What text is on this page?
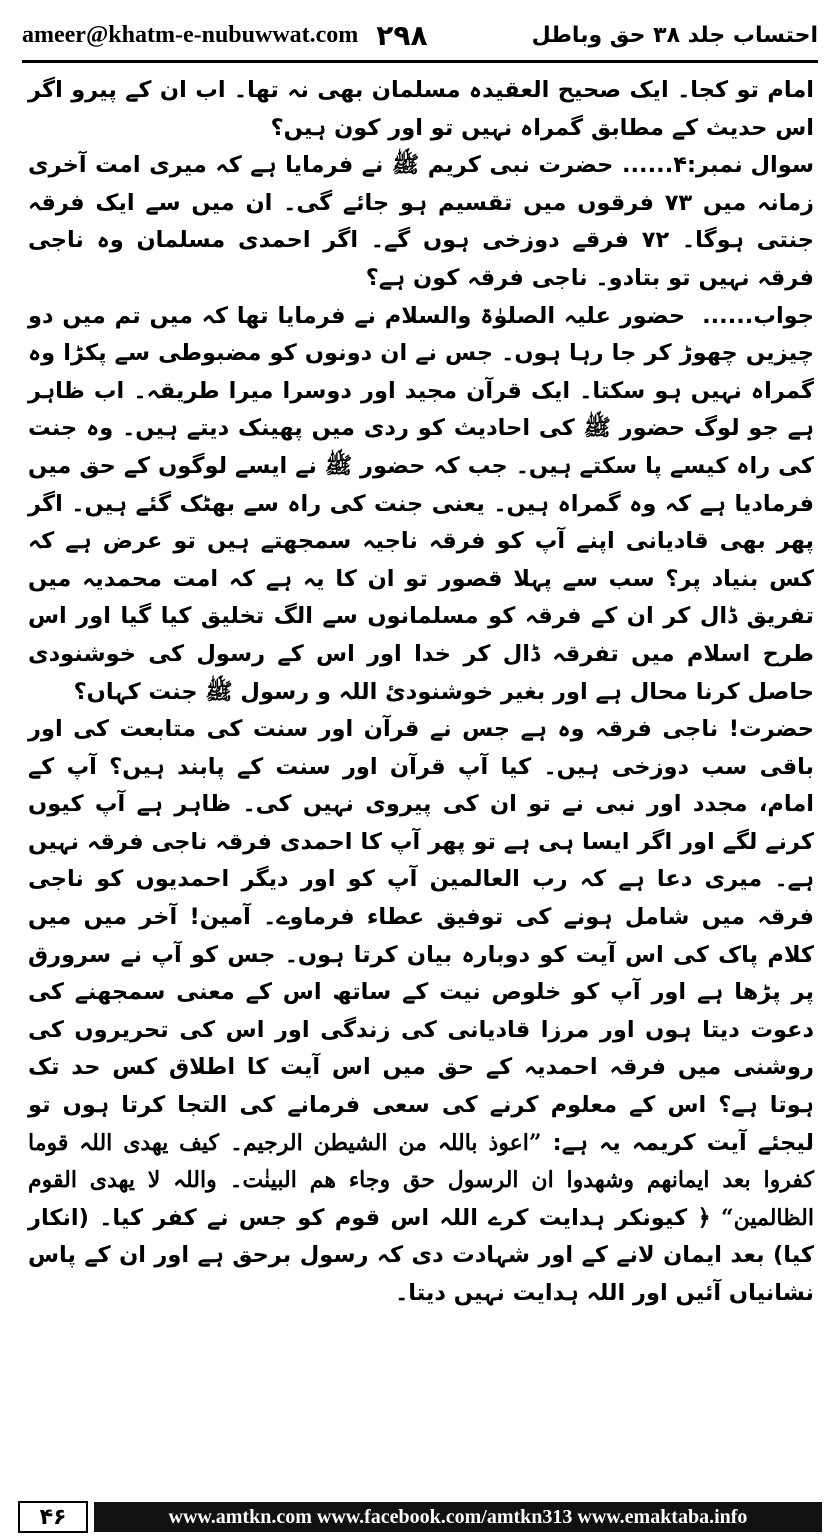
ameer@khatm-e-nubuwwat.com ۲۹۸	احتساب جلد ۳۸ حق وباطل

امام تو کجا۔ ایک صحیح العقیدہ مسلمان بھی نہ تھا۔ اب ان کے پیرو اگر اس حدیث کے مطابق گمراہ نہیں تو اور کون ہیں؟

سوال نمبر:۴...... حضرت نبی کریم ﷺ نے فرمایا ہے کہ میری امت آخری زمانہ میں ۷۳ فرقوں میں تقسیم ہو جائے گی۔ ان میں سے ایک فرقہ جنتی ہوگا۔ ۷۲ فرقے دوزخی ہوں گے۔ اگر احمدی مسلمان وہ ناجی فرقہ نہیں تو بتادو۔ ناجی فرقہ کون ہے؟

جواب...... حضور علیہ الصلوٰۃ والسلام نے فرمایا تھا کہ میں تم میں دو چیزیں چھوڑ کر جا رہا ہوں۔ جس نے ان دونوں کو مضبوطی سے پکڑا وہ گمراہ نہیں ہو سکتا۔ ایک قرآن مجید اور دوسرا میرا طریقہ۔ اب ظاہر ہے جو لوگ حضور ﷺ کی احادیث کو ردی میں پھینک دیتے ہیں۔ وہ جنت کی راہ کیسے پا سکتے ہیں۔ جب کہ حضور ﷺ نے ایسے لوگوں کے حق میں فرمادیا ہے کہ وہ گمراہ ہیں۔ یعنی جنت کی راہ سے بھٹک گئے ہیں۔ اگر پھر بھی قادیانی اپنے آپ کو فرقہ ناجیہ سمجھتے ہیں تو عرض ہے کہ کس بنیاد پر؟ سب سے پہلا قصور تو ان کا یہ ہے کہ امت محمدیہ میں تفریق ڈال کر ان کے فرقہ کو مسلمانوں سے الگ تخلیق کیا گیا اور اس طرح اسلام میں تفرقہ ڈال کر خدا اور اس کے رسول کی خوشنودی حاصل کرنا محال ہے اور بغیر خوشنودیٔ اللہ و رسول ﷺ جنت کہاں؟

حضرت! ناجی فرقہ وہ ہے جس نے قرآن اور سنت کی متابعت کی اور باقی سب دوزخی ہیں۔ کیا آپ قرآن اور سنت کے پابند ہیں؟ آپ کے امام، مجدد اور نبی نے تو ان کی پیروی نہیں کی۔ ظاہر ہے آپ کیوں کرنے لگے اور اگر ایسا ہی ہے تو پھر آپ کا احمدی فرقہ ناجی فرقہ نہیں ہے۔ میری دعا ہے کہ رب العالمین آپ کو اور دیگر احمدیوں کو ناجی فرقہ میں شامل ہونے کی توفیق عطاء فرماوے۔ آمین! آخر میں میں کلام پاک کی اس آیت کو دوبارہ بیان کرتا ہوں۔ جس کو آپ نے سرورق پر پڑھا ہے اور آپ کو خلوص نیت کے ساتھ اس کے معنی سمجھنے کی دعوت دیتا ہوں اور مرزا قادیانی کی زندگی اور اس کی تحریروں کی روشنی میں فرقہ احمدیہ کے حق میں اس آیت کا اطلاق کس حد تک ہوتا ہے؟ اس کے معلوم کرنے کی سعی فرمانے کی التجا کرتا ہوں تو لیجئے آیت کریمہ یہ ہے: ”اعوذ باللہ من الشیطن الرجیم۔ کیف یھدی اللہ قوما کفروا بعد ایمانھم وشھدوا ان الرسول حق وجاء ھم البینٰت۔ واللہ لا یھدی القوم الظالمین“ ﴿ کیونکر ہدایت کرے اللہ اس قوم کو جس نے کفر کیا۔ (انکار کیا) بعد ایمان لانے کے اور شہادت دی کہ رسول برحق ہے اور ان کے پاس نشانیاں آئیں اور اللہ ہدایت نہیں دیتا۔

۴۶	www.amtkn.com www.facebook.com/amtkn313 www.emaktaba.info
